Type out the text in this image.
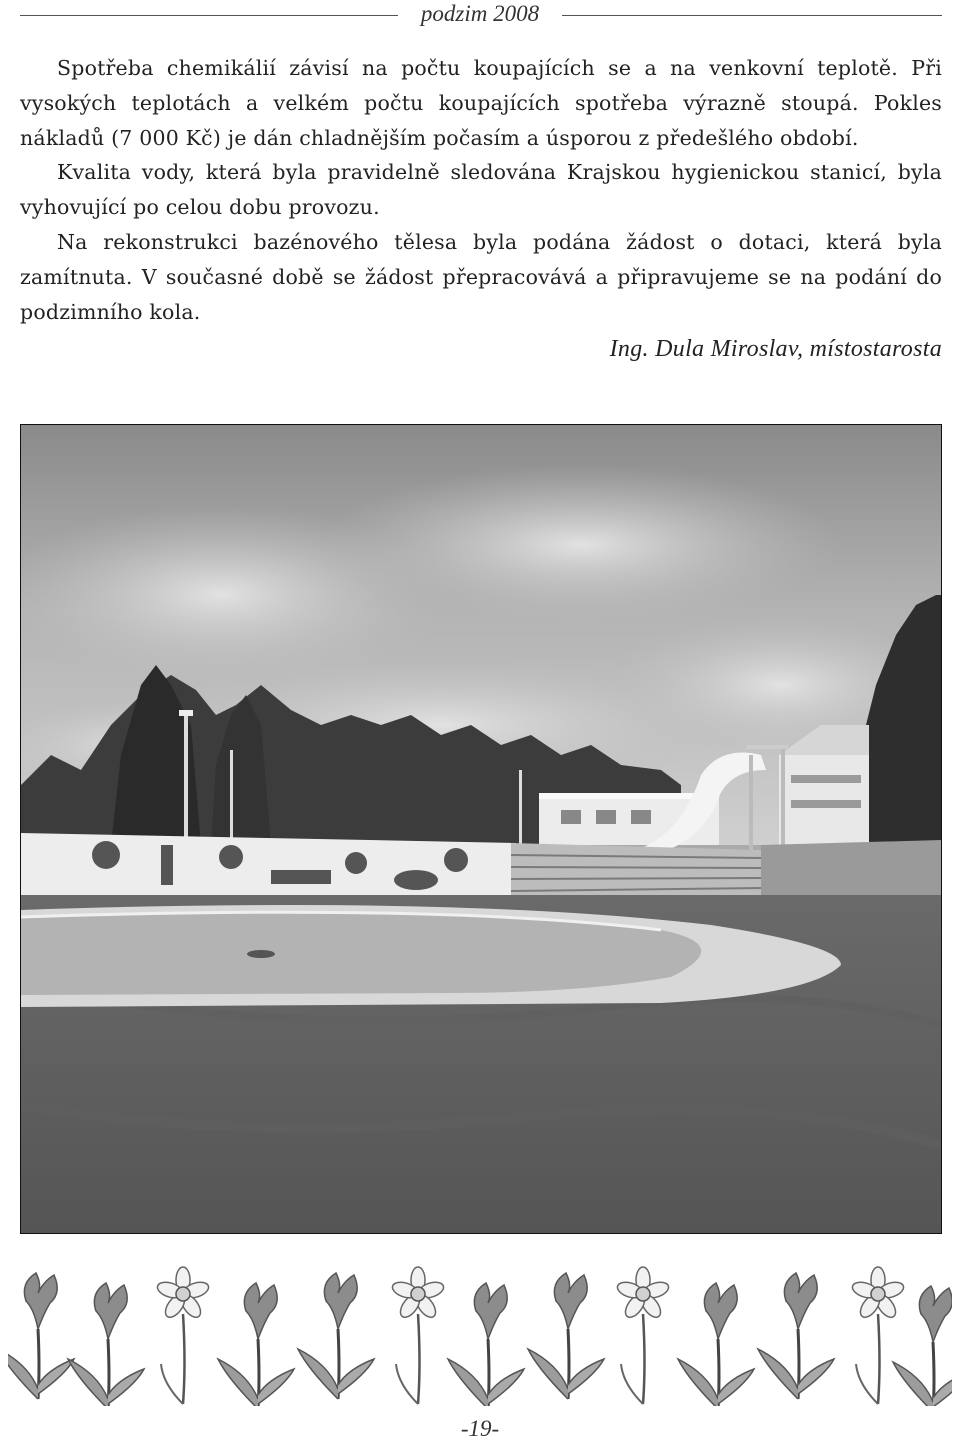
podzim 2008

Spotřeba chemikálií závisí na počtu koupajících se a na venkovní teplotě. Při vysokých teplotách a velkém počtu koupajících spotřeba výrazně stoupá. Pokles nákladů (7 000 Kč) je dán chladnějším počasím a úsporou z předešlého období.

Kvalita vody, která byla pravidelně sledována Krajskou hygienickou stanicí, byla vyhovující po celou dobu provozu.

Na rekonstrukci bazénového tělesa byla podána žádost o dotaci, která byla zamítnuta. V současné době se žádost přepracovává a připravujeme se na podání do podzimního kola.

Ing. Dula Miroslav, místostarosta
-19-
